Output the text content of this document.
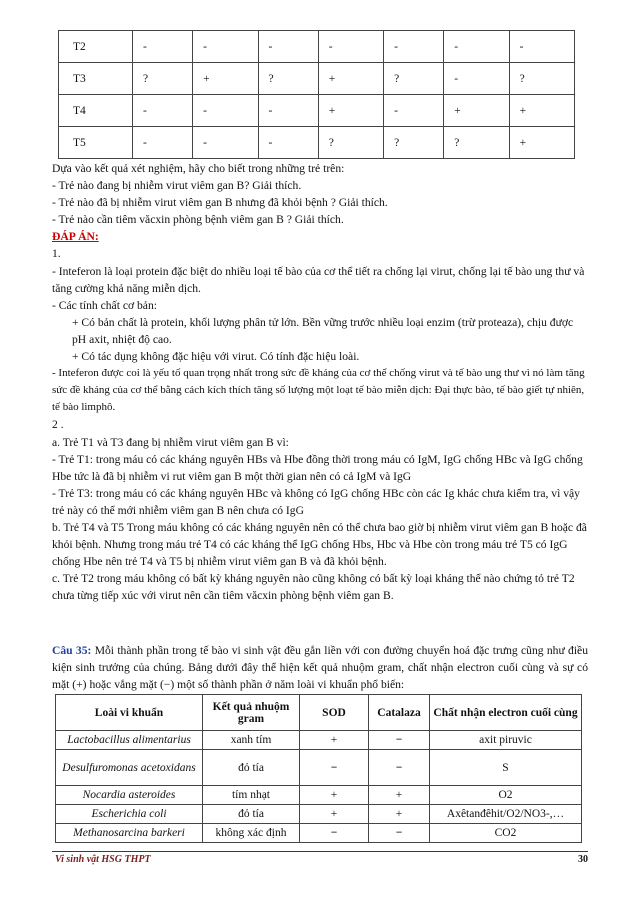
T2	-	-	-	-	-	-	-
T3	?	+	?	+	?	-	?
T4	-	-	-	+	-	+	+
T5	-	-	-	?	?	?	+

Dựa vào kết quả xét nghiệm, hãy cho biết trong những trẻ trên:

- Trẻ nào đang bị nhiễm virut viêm gan B? Giải thích.

- Trẻ nào đã bị nhiễm virut viêm gan B nhưng đã khỏi bệnh ? Giải thích.

- Trẻ nào cần tiêm văcxin phòng bệnh viêm gan B ? Giải thích.

ĐÁP ÁN:

1.

- Inteferon là loại protein đặc biệt do nhiều loại tế bào của cơ thể tiết ra chống lại virut, chống lại tế bào ung thư và tăng cường khả năng miễn dịch.

- Các tính chất cơ bản:

+ Có bản chất là protein, khối lượng phân tử lớn. Bền vững trước nhiều loại enzim (trừ proteaza), chịu được pH axit, nhiệt độ cao.

+ Có tác dụng không đặc hiệu với virut. Có tính đặc hiệu loài.

- Inteferon được coi là yếu tố quan trọng nhất trong sức đề kháng của cơ thể chống virut và tế bào ung thư vì nó làm tăng sức đề kháng của cơ thể bằng cách kích thích tăng số lượng một loạt tế bào miễn dịch: Đại thực bào, tế bào giết tự nhiên, tế bào limphô.

2 .

a. Trẻ T1 và T3 đang bị nhiễm virut viêm gan B vì:

- Trẻ T1: trong máu có các kháng nguyên HBs và Hbe đồng thời trong máu có IgM, IgG chống HBc và IgG chống Hbe tức là đã bị nhiễm vi rut viêm gan B một thời gian nên có cả IgM và IgG

- Trẻ T3: trong máu có các kháng nguyên HBc và không có IgG chống HBc còn các Ig khác chưa kiểm tra, vì vậy trẻ này có thể mới nhiễm viêm gan B nên chưa có IgG

b. Trẻ T4 và T5 Trong máu không có các kháng nguyên nên có thể chưa bao giờ bị nhiễm virut viêm gan B hoặc đã khỏi bệnh. Nhưng trong máu trẻ T4 có các kháng thể IgG chống Hbs, Hbc và Hbe còn trong máu trẻ T5 có IgG chống Hbe nên trẻ T4 và T5 bị nhiễm virut viêm gan B và đã khỏi bệnh.

c. Trẻ T2 trong máu không có bất kỳ kháng nguyên nào cũng không có bất kỳ loại kháng thể nào chứng tỏ trẻ T2 chưa từng tiếp xúc với virut nên cần tiêm văcxin phòng bệnh viêm gan B.

Câu 35: Mỗi thành phần trong tế bào vi sinh vật đều gắn liền với con đường chuyển hoá đặc trưng cũng như điều kiện sinh trưởng của chúng. Bảng dưới đây thể hiện kết quả nhuộm gram, chất nhận electron cuối cùng và sự có mặt (+) hoặc vắng mặt (−) một số thành phần ở năm loài vi khuẩn phổ biến:

Loài vi khuẩn	Kết quả nhuộm gram	SOD	Catalaza	Chất nhận electron cuối cùng
Lactobacillus alimentarius	xanh tím	+	−	axit piruvic
Desulfuromonas acetoxidans	đỏ tía	−	−	S
Nocardia asteroides	tím nhạt	+	+	O2
Escherichia coli	đỏ tía	+	+	Axêtanđêhit/O2/NO3-,…
Methanosarcina barkeri	không xác định	−	−	CO2
Vi sinh vật HSG THPT	30
